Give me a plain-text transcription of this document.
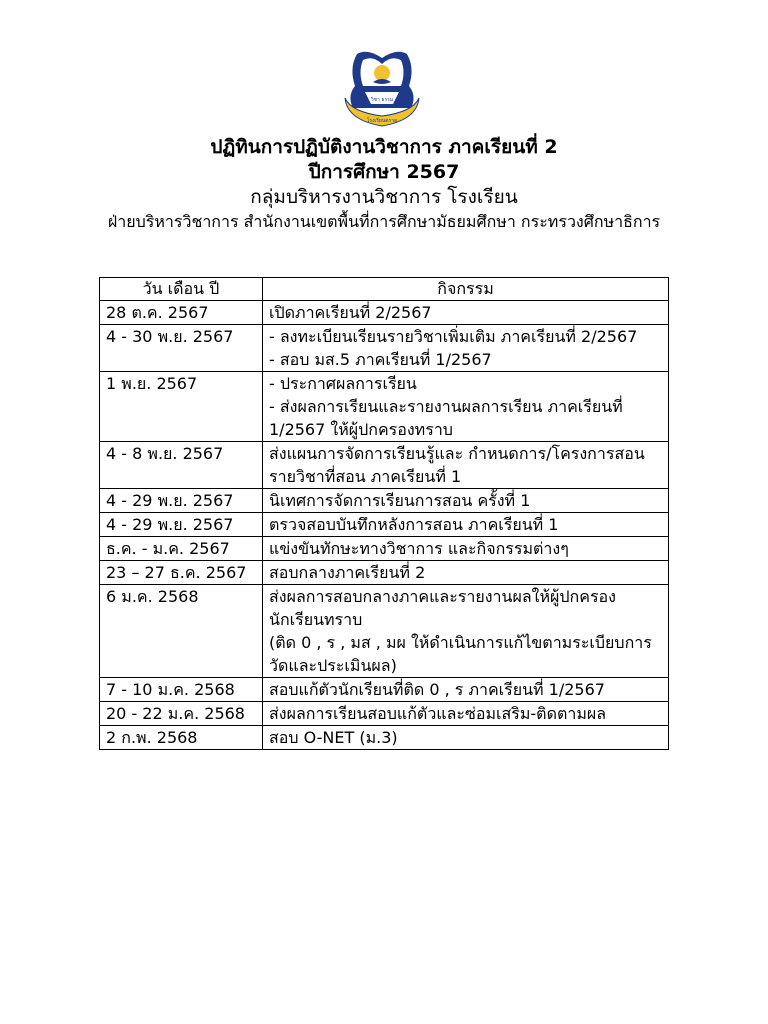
วิชา ธรรม
โรงเรียนตราด
ปฏิทินการปฏิบัติงานวิชาการ ภาคเรียนที่ 2
ปีการศึกษา 2567
กลุ่มบริหารงานวิชาการ โรงเรียน
ฝ่ายบริหารวิชาการ สำนักงานเขตพื้นที่การศึกษามัธยมศึกษา กระทรวงศึกษาธิการ
วัน เดือน ปี	กิจกรรม
28 ต.ค. 2567	เปิดภาคเรียนที่ 2/2567

4 - 30 พ.ย. 2567	- ลงทะเบียนเรียนรายวิชาเพิ่มเติม ภาคเรียนที่ 2/2567
- สอบ มส.5 ภาคเรียนที่ 1/2567

1 พ.ย. 2567	- ประกาศผลการเรียน
- ส่งผลการเรียนและรายงานผลการเรียน ภาคเรียนที่ 1/2567 ให้ผู้ปกครองทราบ

4 - 8 พ.ย. 2567	ส่งแผนการจัดการเรียนรู้และ กำหนดการ/โครงการสอนรายวิชาที่สอน ภาคเรียนที่ 1

4 - 29 พ.ย. 2567	นิเทศการจัดการเรียนการสอน ครั้งที่ 1

4 - 29 พ.ย. 2567	ตรวจสอบบันทึกหลังการสอน ภาคเรียนที่ 1

ธ.ค. - ม.ค. 2567	แข่งขันทักษะทางวิชาการ และกิจกรรมต่างๆ

23 – 27 ธ.ค. 2567	สอบกลางภาคเรียนที่ 2

6 ม.ค. 2568	ส่งผลการสอบกลางภาคและรายงานผลให้ผู้ปกครองนักเรียนทราบ
(ติด 0 , ร , มส , มผ ให้ดำเนินการแก้ไขตามระเบียบการวัดและประเมินผล)

7 - 10 ม.ค. 2568	สอบแก้ตัวนักเรียนที่ติด 0 , ร ภาคเรียนที่ 1/2567

20 - 22 ม.ค. 2568	ส่งผลการเรียนสอบแก้ตัวและซ่อมเสริม-ติดตามผล

2 ก.พ. 2568	สอบ O-NET (ม.3)
